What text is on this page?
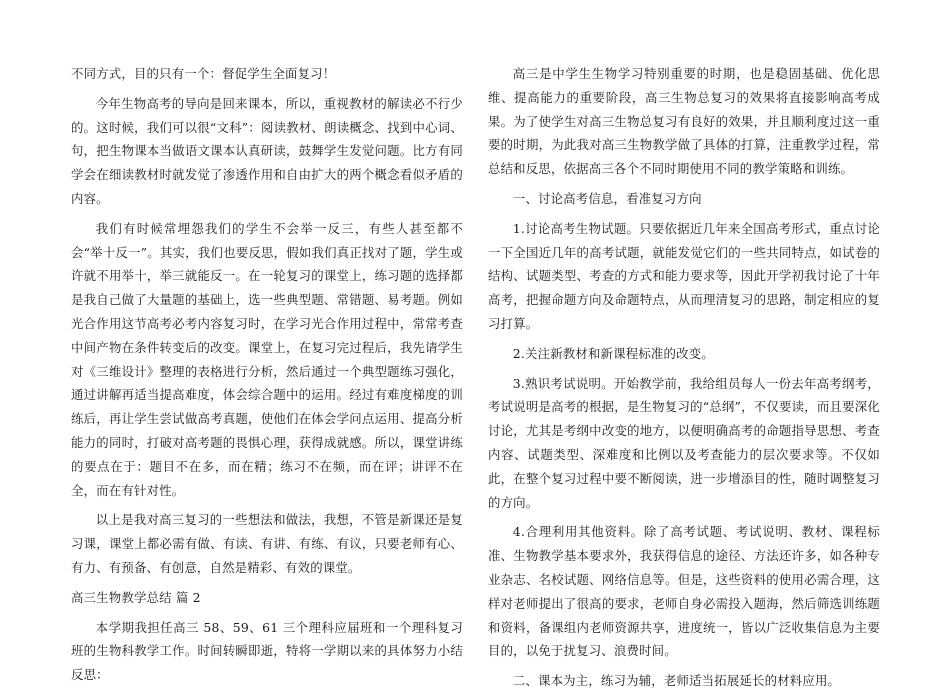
不同方式，目的只有一个：督促学生全面复习！

今年生物高考的导向是回来课本，所以，重视教材的解读必不行少的。这时候，我们可以很“文科”：阅读教材、朗读概念、找到中心词、句，把生物课本当做语文课本认真研读，鼓舞学生发觉问题。比方有同学会在细读教材时就发觉了渗透作用和自由扩大的两个概念看似矛盾的内容。

我们有时候常埋怨我们的学生不会举一反三，有些人甚至都不会“举十反一”。其实，我们也要反思，假如我们真正找对了题，学生或许就不用举十，举三就能反一。在一轮复习的课堂上，练习题的选择都是我自己做了大量题的基础上，选一些典型题、常错题、易考题。例如光合作用这节高考必考内容复习时，在学习光合作用过程中，常常考查中间产物在条件转变后的改变。课堂上，在复习完过程后，我先请学生对《三维设计》整理的表格进行分析，然后通过一个典型题练习强化，通过讲解再适当提高难度，体会综合题中的运用。经过有难度梯度的训练后，再让学生尝试做高考真题，使他们在体会学问点运用、提高分析能力的同时，打破对高考题的畏惧心理，获得成就感。所以，课堂讲练的要点在于：题目不在多，而在精；练习不在频，而在评；讲评不在全，而在有针对性。

以上是我对高三复习的一些想法和做法，我想，不管是新课还是复习课，课堂上都必需有做、有读、有讲、有练、有议，只要老师有心、有力、有预备、有创意，自然是精彩、有效的课堂。

高三生物教学总结 篇 2

本学期我担任高三 58、59、61 三个理科应届班和一个理科复习班的生物科教学工作。时间转瞬即逝，特将一学期以来的具体努力小结反思：

高三是中学生生物学习特别重要的时期，也是稳固基础、优化思维、提高能力的重要阶段，高三生物总复习的效果将直接影响高考成果。为了使学生对高三生物总复习有良好的效果，并且顺利度过这一重要的时期，为此我对高三生物教学做了具体的打算，注重教学过程，常总结和反思，依据高三各个不同时期使用不同的教学策略和训练。

一、讨论高考信息，看准复习方向

1.讨论高考生物试题。只要依据近几年来全国高考形式，重点讨论一下全国近几年的高考试题，就能发觉它们的一些共同特点，如试卷的结构、试题类型、考查的方式和能力要求等，因此开学初我讨论了十年高考，把握命题方向及命题特点，从而理清复习的思路，制定相应的复习打算。

2.关注新教材和新课程标准的改变。

3.熟识考试说明。开始教学前，我给组员每人一份去年高考纲考，考试说明是高考的根据，是生物复习的“总纲”，不仅要读，而且要深化讨论，尤其是考纲中改变的地方，以便明确高考的命题指导思想、考查内容、试题类型、深难度和比例以及考查能力的层次要求等。不仅如此，在整个复习过程中要不断阅读，进一步增添目的性，随时调整复习的方向。

4.合理利用其他资料。除了高考试题、考试说明、教材、课程标准、生物教学基本要求外，我获得信息的途径、方法还许多，如各种专业杂志、名校试题、网络信息等。但是，这些资料的使用必需合理，这样对老师提出了很高的要求，老师自身必需投入题海，然后筛选训练题和资料，备课组内老师资源共享，进度统一，皆以广泛收集信息为主要目的，以免于扰复习、浪费时间。

二、课本为主，练习为辅，老师适当拓展延长的材料应用。
